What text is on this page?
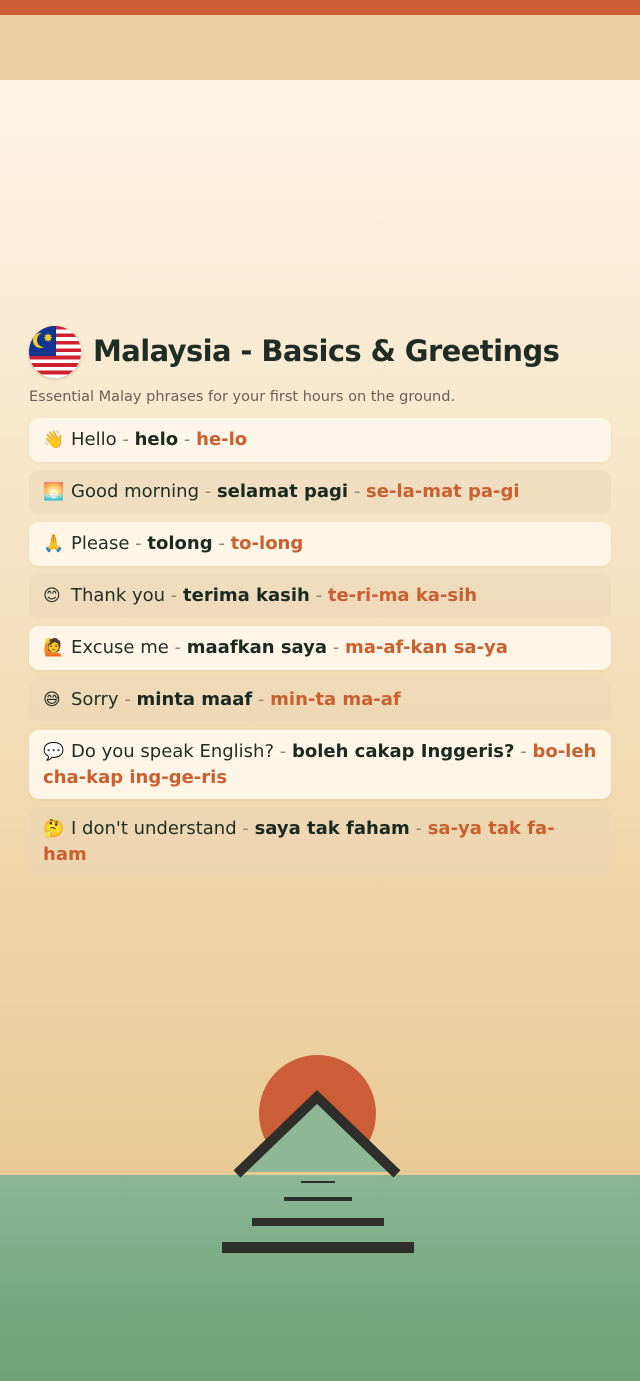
✸ Malaysia - Basics & Greetings

Essential Malay phrases for your first hours on the ground.

👋 Hello - helo - he-lo
🌅 Good morning - selamat pagi - se-la-mat pa-gi
🙏 Please - tolong - to-long
😊 Thank you - terima kasih - te-ri-ma ka-sih
🙋 Excuse me - maafkan saya - ma-af-kan sa-ya
😅 Sorry - minta maaf - min-ta ma-af
💬 Do you speak English? - boleh cakap Inggeris? - bo-leh cha-kap ing-ge-ris
🤔 I don't understand - saya tak faham - sa-ya tak fa-ham
